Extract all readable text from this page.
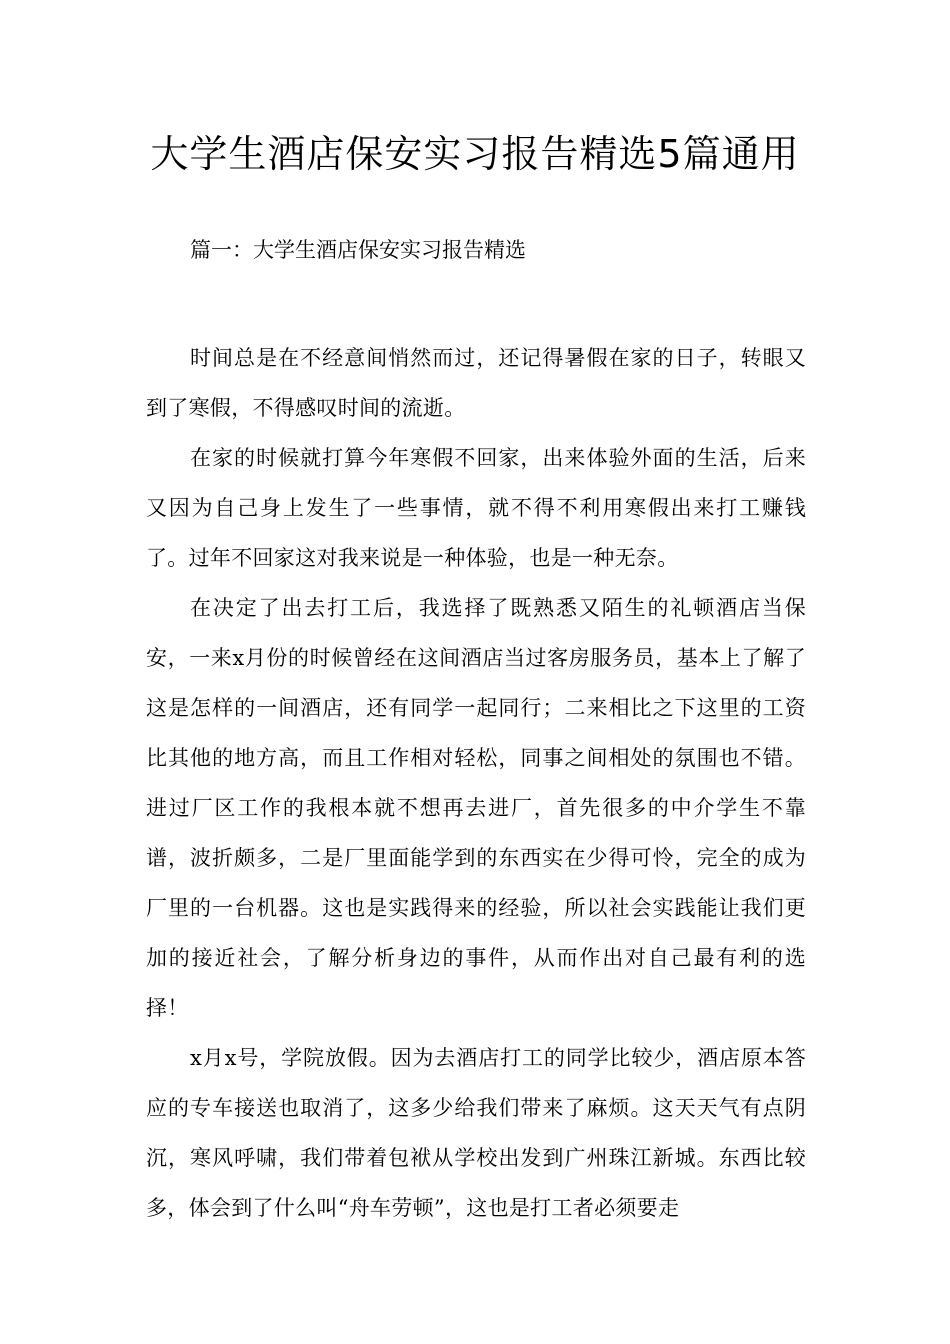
大学生酒店保安实习报告精选5篇通用
篇一：大学生酒店保安实习报告精选

时间总是在不经意间悄然而过，还记得暑假在家的日子，转眼又到了寒假，不得感叹时间的流逝。

在家的时候就打算今年寒假不回家，出来体验外面的生活，后来又因为自己身上发生了一些事情，就不得不利用寒假出来打工赚钱了。过年不回家这对我来说是一种体验，也是一种无奈。

在决定了出去打工后，我选择了既熟悉又陌生的礼顿酒店当保安，一来x月份的时候曾经在这间酒店当过客房服务员，基本上了解了这是怎样的一间酒店，还有同学一起同行；二来相比之下这里的工资比其他的地方高，而且工作相对轻松，同事之间相处的氛围也不错。进过厂区工作的我根本就不想再去进厂，首先很多的中介学生不靠谱，波折颇多，二是厂里面能学到的东西实在少得可怜，完全的成为厂里的一台机器。这也是实践得来的经验，所以社会实践能让我们更加的接近社会，了解分析身边的事件，从而作出对自己最有利的选择！

x月x号，学院放假。因为去酒店打工的同学比较少，酒店原本答应的专车接送也取消了，这多少给我们带来了麻烦。这天天气有点阴沉，寒风呼啸，我们带着包袱从学校出发到广州珠江新城。东西比较多，体会到了什么叫“舟车劳顿”，这也是打工者必须要走
